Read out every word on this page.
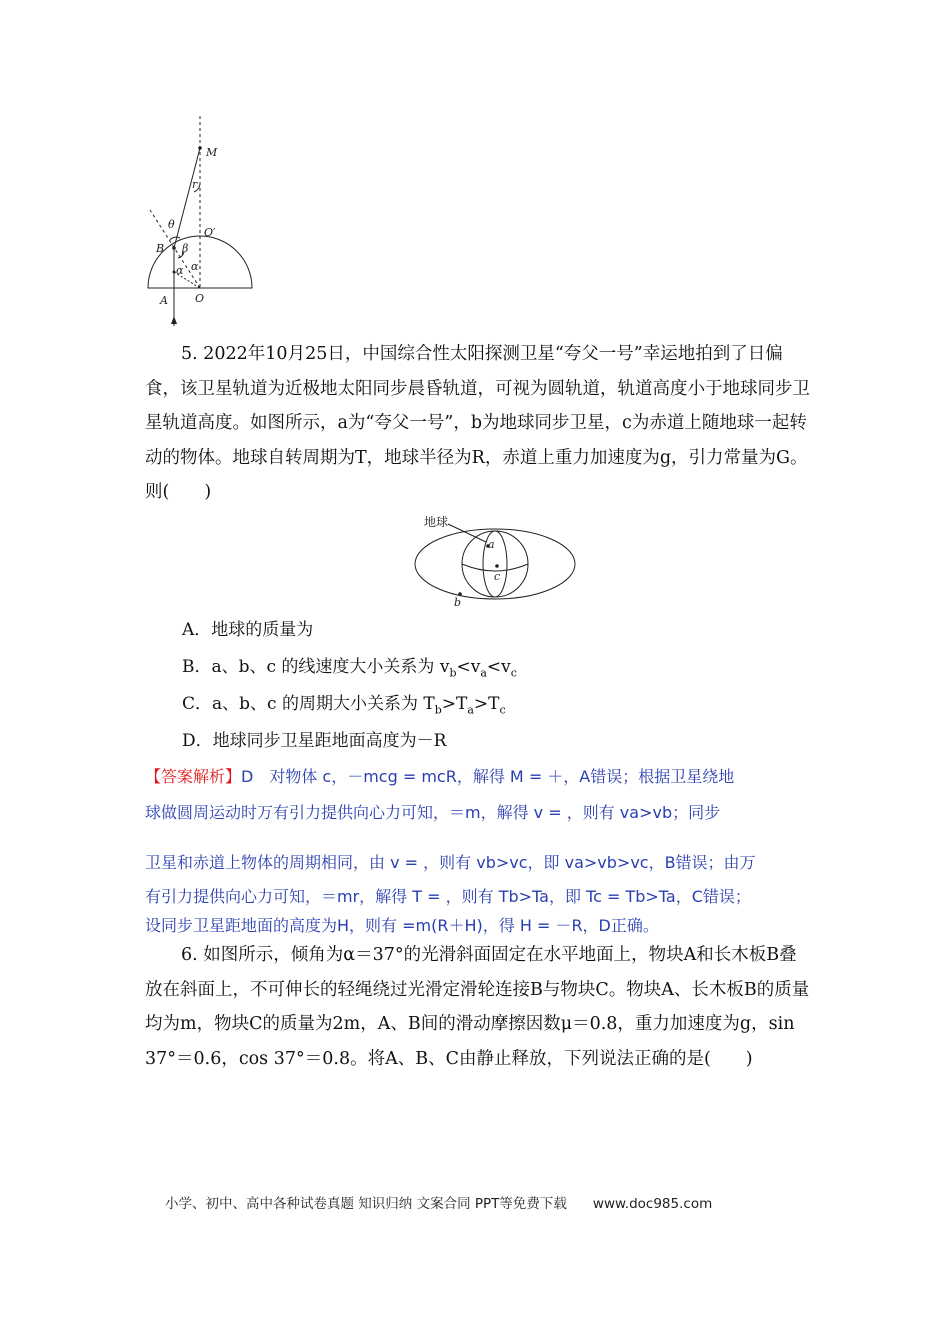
M
r
θ
O′
B β
α α
A O
5. 2022年10月25日，中国综合性太阳探测卫星“夸父一号”幸运地拍到了日偏食，该卫星轨道为近极地太阳同步晨昏轨道，可视为圆轨道，轨道高度小于地球同步卫星轨道高度。如图所示，a为“夸父一号”，b为地球同步卫星，c为赤道上随地球一起转动的物体。地球自转周期为T，地球半径为R，赤道上重力加速度为g，引力常量为G。则(　　)
地球
a
c
b
A．地球的质量为
B．a、b、c 的线速度大小关系为 $v_b<v_a<v_c$
C．a、b、c 的周期大小关系为 $T_b>T_a>T_c$
D．地球同步卫星距地面高度为－R
【答案解析】D　对物体 c，－mcg = mcR，解得 M = ＋，A错误；根据卫星绕地
球做圆周运动时万有引力提供向心力可知，＝m，解得 v = ，则有 va>vb；同步
卫星和赤道上物体的周期相同，由 v = ，则有 vb>vc，即 va>vb>vc，B错误；由万
有引力提供向心力可知，＝mr，解得 T = ，则有 Tb>Ta，即 Tc = Tb>Ta，C错误；
设同步卫星距地面的高度为H，则有 =m(R＋H)，得 H = －R，D正确。
6. 如图所示，倾角为α＝37°的光滑斜面固定在水平地面上，物块A和长木板B叠放在斜面上，不可伸长的轻绳绕过光滑定滑轮连接B与物块C。物块A、长木板B的质量均为m，物块C的质量为2m，A、B间的滑动摩擦因数μ＝0.8，重力加速度为g，sin 37°＝0.6，cos 37°＝0.8。将A、B、C由静止释放，下列说法正确的是(　　)
小学、初中、高中各种试卷真题 知识归纳 文案合同 PPT等免费下载 www.doc985.com
